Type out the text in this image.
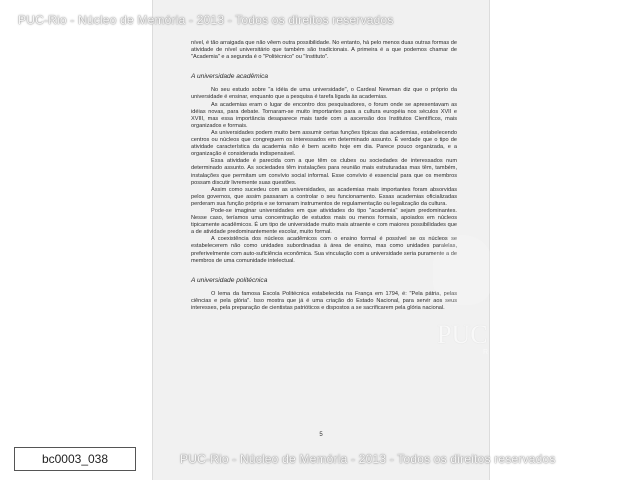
nível, é tão arraigada que não vêem outra possibilidade. No entanto, há pelo menos duas outras formas de atividade de nível universitário que também são tradicionais. A primeira é a que podemos chamar de "Academia" e a segunda é o "Politécnico" ou "Instituto".

A universidade acadêmica

No seu estudo sobre "a idéia de uma universidade", o Cardeal Newman diz que o próprio da universidade é ensinar, enquanto que a pesquisa é tarefa ligada às academias.

As academias eram o lugar de encontro dos pesquisadores, o forum onde se apresentavam as idéias novas, para debate. Tornaram-se muito importantes para a cultura européia nos séculos XVII e XVIII, mas essa importância desaparece mais tarde com a ascensão dos Institutos Científicos, mais organizados e formais.

As universidades podem muito bem assumir certas funções típicas das academias, estabelecendo centros ou núcleos que congreguem os interessados em determinado assunto. É verdade que o tipo de atividade característica da academia não é bem aceito hoje em dia. Parece pouco organizada, e a organização é considerada indispensável.

Essa atividade é parecida com a que têm os clubes ou sociedades de interessados num determinado assunto. As sociedades têm instalações para reunião mais estruturadas mas têm, também, instalações que permitam um convívio social informal. Esse convívio é essencial para que os membros possam discutir livremente suas questões.

Assim como sucedeu com as universidades, as academias mais importantes foram absorvidas pelos governos, que assim passaram a controlar o seu funcionamento. Essas academias oficializadas perderam sua função própria e se tornaram instrumentos de regulamentação ou legalização da cultura.

Pode-se imaginar universidades em que atividades do tipo "academia" sejam predominantes. Nesse caso, teríamos uma concentração de estudos mais ou menos formais, apoiados em núcleos tipicamente acadêmicos. É um tipo de universidade muito mais atraente e com maiores possibilidades que a de atividade predominantemente escolar, muito formal.

A coexistência dos núcleos acadêmicos com o ensino formal é possível se os núcleos se estabelecerem não como unidades subordinadas à área de ensino, mas como unidades paralelas, preferivelmente com auto-suficiência econômica. Sua vinculação com a universidade seria puramente a de membros de uma comunidade intelectual.

A universidade politécnica

O lema da famosa Escola Politécnica estabelecida na França em 1794, é: "Pela pátria, pelas ciências e pela glória". Isso mostra que já é uma criação do Estado Nacional, para servir aos seus interesses, pela preparação de cientistas patrióticos e dispostos a se sacrificarem pela glória nacional.

5
PUC
RIO
PUC-Rio - Núcleo de Memória - 2013 - Todos os direitos reservados
PUC-Rio - Núcleo de Memória - 2013 - Todos os direitos reservados
bc0003_038
